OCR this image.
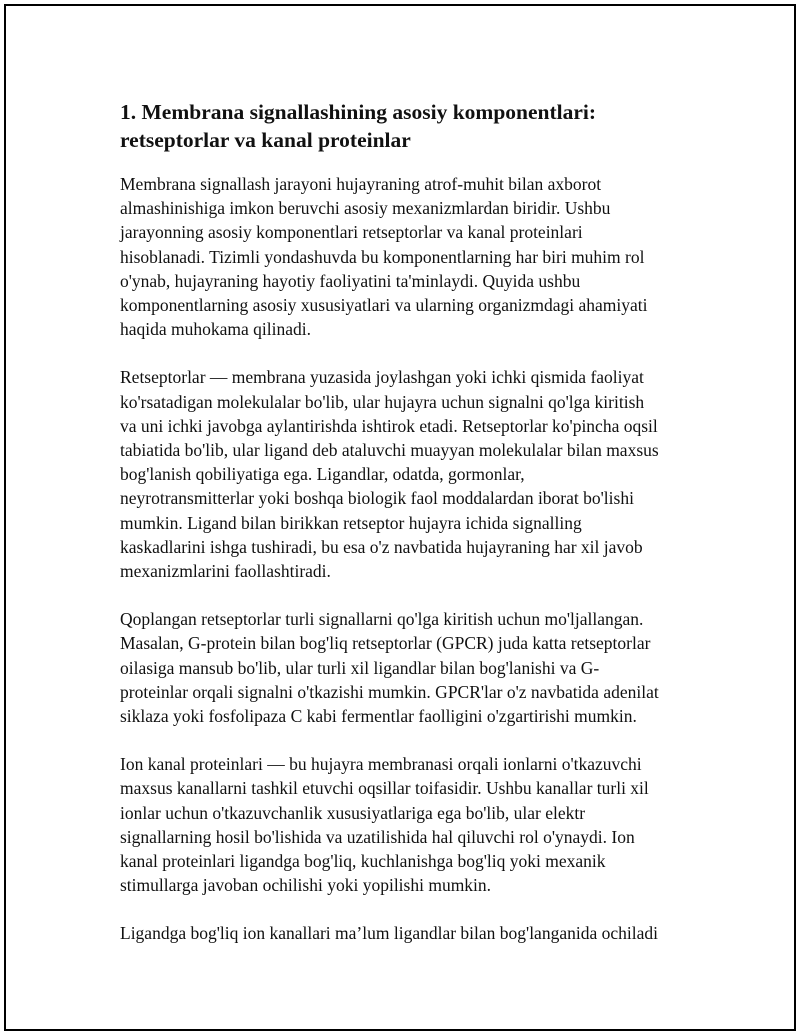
1. Membrana signallashining asosiy komponentlari:
retseptorlar va kanal proteinlar

Membrana signallash jarayoni hujayraning atrof-muhit bilan axborot
almashinishiga imkon beruvchi asosiy mexanizmlardan biridir. Ushbu
jarayonning asosiy komponentlari retseptorlar va kanal proteinlari
hisoblanadi. Tizimli yondashuvda bu komponentlarning har biri muhim rol
o'ynab, hujayraning hayotiy faoliyatini ta'minlaydi. Quyida ushbu
komponentlarning asosiy xususiyatlari va ularning organizmdagi ahamiyati
haqida muhokama qilinadi.

Retseptorlar — membrana yuzasida joylashgan yoki ichki qismida faoliyat
ko'rsatadigan molekulalar bo'lib, ular hujayra uchun signalni qo'lga kiritish
va uni ichki javobga aylantirishda ishtirok etadi. Retseptorlar ko'pincha oqsil
tabiatida bo'lib, ular ligand deb ataluvchi muayyan molekulalar bilan maxsus
bog'lanish qobiliyatiga ega. Ligandlar, odatda, gormonlar,
neyrotransmitterlar yoki boshqa biologik faol moddalardan iborat bo'lishi
mumkin. Ligand bilan birikkan retseptor hujayra ichida signalling
kaskadlarini ishga tushiradi, bu esa o'z navbatida hujayraning har xil javob
mexanizmlarini faollashtiradi.

Qoplangan retseptorlar turli signallarni qo'lga kiritish uchun mo'ljallangan.
Masalan, G-protein bilan bog'liq retseptorlar (GPCR) juda katta retseptorlar
oilasiga mansub bo'lib, ular turli xil ligandlar bilan bog'lanishi va G-
proteinlar orqali signalni o'tkazishi mumkin. GPCR'lar o'z navbatida adenilat
siklaza yoki fosfolipaza C kabi fermentlar faolligini o'zgartirishi mumkin.

Ion kanal proteinlari — bu hujayra membranasi orqali ionlarni o'tkazuvchi
maxsus kanallarni tashkil etuvchi oqsillar toifasidir. Ushbu kanallar turli xil
ionlar uchun o'tkazuvchanlik xususiyatlariga ega bo'lib, ular elektr
signallarning hosil bo'lishida va uzatilishida hal qiluvchi rol o'ynaydi. Ion
kanal proteinlari ligandga bog'liq, kuchlanishga bog'liq yoki mexanik
stimullarga javoban ochilishi yoki yopilishi mumkin.

Ligandga bog'liq ion kanallari ma’lum ligandlar bilan bog'langanida ochiladi
